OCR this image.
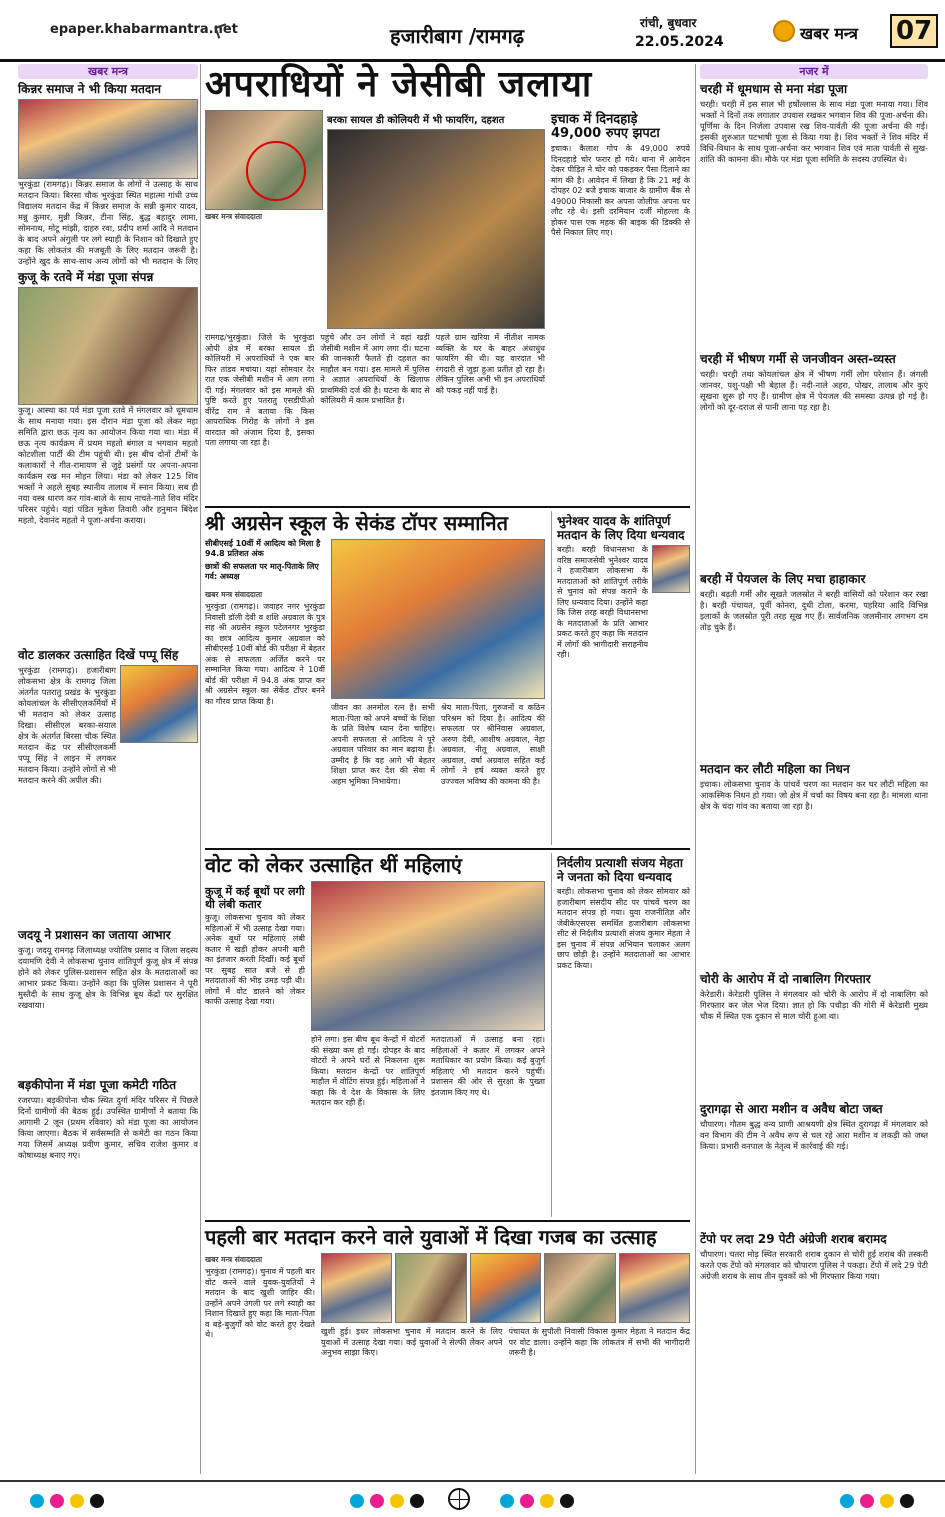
epaper.khabarmantra.net	हजारीबाग /रामगढ़
रांची, बुधवार
22.05.2024	खबर मन्त्र 07
खबर मन्त्र
किन्नर समाज ने भी किया मतदान
भुरकुंडा (रामगढ़)। किन्नर समाज के लोगों ने उत्साह के साथ मतदान किया। बिरसा चौक भुरकुंडा स्थित महात्मा गांधी उच्च विद्यालय मतदान केंद्र में किन्नर समाज के सन्नी कुमार यादव, मन्नु कुमार, मुन्नी किन्नर, टीना सिंह, बुद्ध बहादुर लामा, सोमनाथ, मोटू मांझी, दाहरु रवा, प्रदीप शर्मा आदि ने मतदान के बाद अपने अंगुली पर लगे स्याही के निशान को दिखाते हुए कहा कि लोकतंत्र की मजबूती के लिए मतदान जरूरी है। उन्होंने खुद के साथ-साथ अन्य लोगों को भी मतदान के लिए
कुजू के रतवे में मंडा पूजा संपन्न
कुजू। आस्था का पर्व मंडा पूजा रतवे में मंगलवार को धूमधाम के साथ मनाया गया। इस दौरान मंडा पूजा को लेकर महा समिति द्वारा छऊ नृत्य का आयोजन किया गया था। मंडा में छऊ नृत्य कार्यक्रम में प्रथम महतो बंगाल व भगवान महतो कोटशीला पार्टी की टीम पहुंची थी। इस बीच दोनों टीमों के कलाकारों ने गीत-रामायण से जुड़े प्रसंगों पर अपना-अपना कार्यक्रम रख मन मोहन लिया। मंडा को लेकर 125 शिव भक्तों ने अहले सुबह स्थानीय तालाब में स्नान किया। सब ही नया वस्त्र धारण कर गांव-बाजे के साथ नाचते-गाते शिव मंदिर परिसर पहुंचे। यहां पंडित मुकेश तिवारी और हनुमान बिंदेश महतो, देवानंद महतो ने पूजा-अर्चना कराया।
वोट डालकर उत्साहित दिखें पप्पू सिंह
भुरकुंडा (रामगढ़)। हजारीबाग लोकसभा क्षेत्र के रामगढ़ जिला अंतर्गत पतरातु प्रखंड के भुरकुंडा कोयलांचल के सीसीएलकर्मियों में भी मतदान को लेकर उत्साह दिखा। सीसीएल बरका-सयाल क्षेत्र के अंतर्गत बिरसा चौक स्थित मतदान केंद्र पर सीसीएलकर्मी पप्पू सिंह ने लाइन में लगकर मतदान किया। उन्होंने लोगों से भी मतदान करने की अपील की।
जदयू ने प्रशासन का जताया आभार
कुजू। जदयू रामगढ़ जिलाध्यक्ष ज्योतिष प्रसाद व जिला सदस्य दयामणि देवी ने लोकसभा चुनाव शांतिपूर्ण कुजू क्षेत्र में संपन्न होने को लेकर पुलिस-प्रशासन सहित क्षेत्र के मतदाताओं का आभार प्रकट किया। उन्होंने कहा कि पुलिस प्रशासन ने पूरी मुस्तैदी के साथ कुजू क्षेत्र के विभिन्न बूथ केंद्रों पर सुरक्षित रखवाया।
बड़कीपोना में मंडा पूजा कमेटी गठित
रजरप्पा। बड़कीपोना चौक स्थित दुर्गा मंदिर परिसर में पिछले दिनों ग्रामीणों की बैठक हुई। उपस्थित ग्रामीणों ने बताया कि आगामी 2 जून (प्रथम रविवार) को मंडा पूजा का आयोजन किया जाएगा। बैठक में सर्वसम्मति से कमेटी का गठन किया गया जिसमें अध्यक्ष प्रवीण कुमार, सचिव राजेश कुमार व कोषाध्यक्ष बनाए गए।
अपराधियों ने जेसीबी जलाया
खबर मन्त्र संवाददाता
बरका सायल डी कोलियरी में भी फायरिंग, दहशत
रामगढ़/भुरकुंडा। जिले के भुरकुंडा ओपी क्षेत्र में बरका सायल डी कोलियरी में अपराधियों ने एक बार फिर तांडव मचाया। यहां सोमवार देर रात एक जेसीबी मशीन में आग लगा दी गई। मंगलवार को इस मामले की पुष्टि करते हुए पतरातु एसडीपीओ वीरेंद्र राम ने बताया कि किस आपराधिक गिरोह के लोगों ने इस वारदात को अंजाम दिया है, इसका पता लगाया जा रहा है।
पहुंचे और उन लोगों ने वहां खड़ी जेसीबी मशीन में आग लगा दी। घटना की जानकारी फैलते ही दहशत का माहौल बन गया। इस मामले में पुलिस ने अज्ञात अपराधियों के खिलाफ प्राथमिकी दर्ज की है। घटना के बाद से कोलियरी में काम प्रभावित है।
पहले ग्राम खरिया में नीतीश नामक व्यक्ति के घर के बाहर अंधाधुंध फायरिंग की थी। यह वारदात भी रंगदारी से जुड़ा हुआ प्रतीत हो रहा है। लेकिन पुलिस अभी भी इन अपराधियों को पकड़ नहीं पाई है।
इचाक में दिनदहाड़े 49,000 रुपए झपटा
इचाक। कैलाश गोप के 49,000 रुपये दिनदहाड़े चोर फरार हो गये। थाना में आवेदन देकर पीड़ित ने चोर को पकड़कर पैसा दिलाने का मांग की है। आवेदन में लिखा है कि 21 मई के दोपहर 02 बजे इचाक बाजार के ग्रामीण बैंक से 49000 निकासी कर अपना जोलीफ अपना घर लौट रहे थे। इसी दरमियान दर्जी मोहल्ला के होकर पास एक महक की बाइक की डिक्की से पैसे निकाल लिए गए।
श्री अग्रसेन स्कूल के सेकंड टॉपर सम्मानित
सीबीएसई 10वीं में आदित्य को मिला है 94.8 प्रतिशत अंक
छात्रों की सफलता पर मातृ-पिताके लिए गर्व: अध्यक्ष
खबर मन्त्र संवाददाता
भुरकुंडा (रामगढ़)। जवाहर नगर भुरकुंडा निवासी डॉली देवी व शशि अग्रवाल के पुत्र सह श्री अग्रसेन स्कूल पटेलनगर भुरकुंडा का छात्र आदित्य कुमार अग्रवाल को सीबीएसई 10वीं बोर्ड की परीक्षा में बेहतर अंक से सफलता अर्जित करने पर सम्मानित किया गया। आदित्य ने 10वीं बोर्ड की परीक्षा में 94.8 अंक प्राप्त कर श्री अग्रसेन स्कूल का सेकेंड टॉपर बनने का गौरव प्राप्त किया है।
जीवन का अनमोल रत्न है। सभी माता-पिता को अपने बच्चों के शिक्षा के प्रति विशेष ध्यान देना चाहिए। अपनी सफलता से आदित्य ने पूरे अग्रवाल परिवार का मान बढ़ाया है। उम्मीद है कि वह आगे भी बेहतर शिक्षा प्राप्त कर देश की सेवा में अहम भूमिका निभायेगा।
श्रेय माता-पिता, गुरुजनों व कठिन परिश्रम को दिया है। आदित्य की सफलता पर श्रीनिवास अग्रवाल, अरुण देवी, आशीष अग्रवाल, नेहा अग्रवाल, नीतू अग्रवाल, साक्षी अग्रवाल, वर्षा अग्रवाल सहित कई लोगों ने हर्ष व्यक्त करते हुए उज्ज्वल भविष्य की कामना की है।
भुनेश्वर यादव के शांतिपूर्ण मतदान के लिए दिया धन्यवाद
बरही। बरही विधानसभा के वरिष्ठ समाजसेवी भुनेश्वर यादव ने हजारीबाग लोकसभा के मतदाताओं को शांतिपूर्ण तरीके से चुनाव को संपन्न कराने के लिए धन्यवाद दिया। उन्होंने कहा कि जिस तरह बरही विधानसभा के मतदाताओं के प्रति आभार प्रकट करते हुए कहा कि मतदान में लोगों की भागीदारी सराहनीय रही।
वोट को लेकर उत्साहित थीं महिलाएं
कुजू में कई बूथों पर लगी थी लंबी कतार
कुजू। लोकसभा चुनाव को लेकर महिलाओं में भी उत्साह देखा गया। अनेक बूथों पर महिलाएं लंबी कतार में खड़ी होकर अपनी बारी का इंतजार करती दिखीं। कई बूथों पर सुबह सात बजे से ही मतदाताओं की भीड़ उमड़ पड़ी थी। लोगों में वोट डालने को लेकर काफी उत्साह देखा गया।
होने लगा। इस बीच बूथ केन्द्रों में वोटरों की संख्या कम हो गई। दोपहर के बाद वोटरों ने अपने घरों से निकलना शुरू किया। मतदान केन्द्रों पर शांतिपूर्ण माहौल में वोटिंग संपन्न हुई। महिलाओं ने कहा कि वे देश के विकास के लिए मतदान कर रही हैं।
मतदाताओं में उत्साह बना रहा। महिलाओं ने कतार में लगकर अपने मताधिकार का प्रयोग किया। कई बुजुर्ग महिलाएं भी मतदान करने पहुंचीं। प्रशासन की ओर से सुरक्षा के पुख्ता इंतजाम किए गए थे।
निर्दलीय प्रत्याशी संजय मेहता ने जनता को दिया धन्यवाद
बरही। लोकसभा चुनाव को लेकर सोमवार को हजारीबाग संसदीय सीट पर पांचवें चरण का मतदान संपन्न हो गया। युवा राजनीतिज्ञ और जेबीकेएसएस समर्थित हजारीबाग लोकसभा सीट से निर्दलीय प्रत्याशी संजय कुमार मेहता ने इस चुनाव में संपन्न अभियान चलाकर अलग छाप छोड़ी है। उन्होंने मतदाताओं का आभार प्रकट किया।
पहली बार मतदान करने वाले युवाओं में दिखा गजब का उत्साह
खबर मन्त्र संवाददाता
भुरकुंडा (रामगढ़)। चुनाव में पहली बार वोट करने वाले युवक-युवतियों ने मतदान के बाद खुशी जाहिर की। उन्होंने अपने उंगली पर लगे स्याही का निशान दिखाते हुए कहा कि माता-पिता व बड़े-बुजुर्गों को वोट करते हुए देखते थे।	खुशी हुई। इधर लोकसभा चुनाव में मतदान करने के लिए युवाओं में उत्साह देखा गया। कई युवाओं ने सेल्फी लेकर अपने अनुभव साझा किए।
पंचायत के सुपौली निवासी विकास कुमार मेहता ने मतदान केंद्र पर वोट डाला। उन्होंने कहा कि लोकतंत्र में सभी की भागीदारी जरूरी है।
नजर में
चरही में धूमधाम से मना मंडा पूजा
चरही। चरही में इस साल भी हर्षोल्लास के साथ मंडा पूजा मनाया गया। शिव भक्तों ने दिनों तक लगातार उपवास रखकर भगवान शिव की पूजा-अर्चना की। पूर्णिमा के दिन निर्जला उपवास रख शिव-पार्वती की पूजा अर्चना की गई। इसकी शुरुआत पटभाषी पूजा से किया गया है। शिव भक्तों ने शिव मंदिर में विधि-विधान के साथ पूजा-अर्चना कर भगवान शिव एवं माता पार्वती से सुख-शांति की कामना की। मौके पर मंडा पूजा समिति के सदस्य उपस्थित थे।
चरही में भीषण गर्मी से जनजीवन अस्त-व्यस्त
चरही। चरही तथा कोयलांचल क्षेत्र में भीषण गर्मी लोग परेशान हैं। जंगली जानवर, पशु-पक्षी भी बेहाल हैं। नदी-नाले अहरा, पोखर, तालाब और कुएं सूखना शुरू हो गए हैं। ग्रामीण क्षेत्र में पेयजल की समस्या उत्पन्न हो गई है। लोगों को दूर-दराज से पानी लाना पड़ रहा है।
बरही में पेयजल के लिए मचा हाहाकार
बरही। बढ़ती गर्मी और सूखते जलस्रोत ने बरही वासियों को परेशान कर रखा है। बरही पंचायत, पूर्वी कोनरा, दुधी टोला, करमा, पहरिया आदि विभिन्न इलाकों के जलस्रोत पूरी तरह सूख गए हैं। सार्वजनिक जलमीनार लगभग दम तोड़ चुके हैं।
मतदान कर लौटी महिला का निधन
इचाक। लोकसभा चुनाव के पांचवें चरण का मतदान कर घर लौटी महिला का आकस्मिक निधन हो गया। जो क्षेत्र में चर्चा का विषय बना रहा है। मामला थाना क्षेत्र के चंदा गांव का बताया जा रहा है।
चोरी के आरोप में दो नाबालिग गिरफ्तार
केरेडारी। केरेडारी पुलिस ने मंगलवार को चोरी के आरोप में दो नाबालिग को गिरफ्तार कर जेल भेज दिया। ज्ञात हो कि पचौड़ा की गोरी में केरेडारी मुख्य चौक में स्थित एक दुकान से माल चोरी हुआ था।
दुरागढ़ा से आरा मशीन व अवैध बोटा जब्त
चौपारण। गौतम बुद्ध वन्य प्राणी आश्रयणी क्षेत्र स्थित दुरागढ़ा में मंगलवार को वन विभाग की टीम ने अवैध रूप से चल रहे आरा मशीन व लकड़ी को जब्त किया। प्रभारी वनपाल के नेतृत्व में कार्रवाई की गई।
टेंपो पर लदा 29 पेटी अंग्रेजी शराब बरामद
चौपारण। चतरा मोड़ स्थित सरकारी शराब दुकान से चोरी हुई शराब की तस्करी करते एक टेंपो को मंगलवार को चौपारण पुलिस ने पकड़ा। टेंपो में लदे 29 पेटी अंग्रेजी शराब के साथ तीन युवकों को भी गिरफ्तार किया गया।
